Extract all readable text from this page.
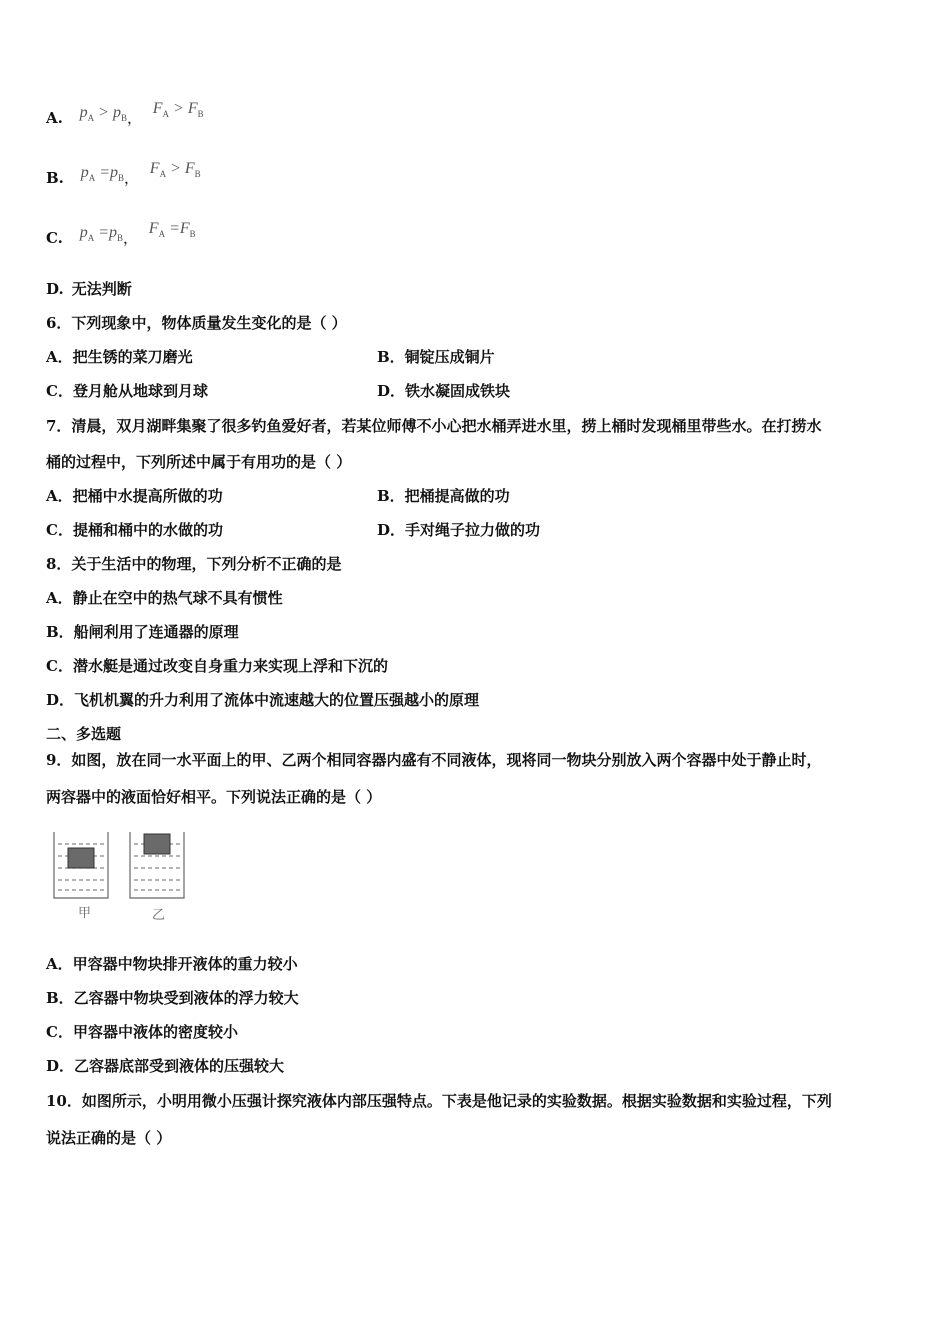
A. $p_A > p_B$， $F_A > F_B$
B. $p_A =p_B$， $F_A > F_B$
C. $p_A =p_B$， $F_A =F_B$
D. 无法判断
6．下列现象中，物体质量发生变化的是（ ）
A．把生锈的菜刀磨光	B．铜锭压成铜片
C．登月舱从地球到月球	D．铁水凝固成铁块
7．清晨，双月湖畔集聚了很多钓鱼爱好者，若某位师傅不小心把水桶弄进水里，捞上桶时发现桶里带些水。在打捞水
桶的过程中，下列所述中属于有用功的是（ ）
A．把桶中水提高所做的功	B．把桶提高做的功
C．提桶和桶中的水做的功	D．手对绳子拉力做的功
8．关于生活中的物理，下列分析不正确的是
A．静止在空中的热气球不具有惯性
B．船闸利用了连通器的原理
C．潜水艇是通过改变自身重力来实现上浮和下沉的
D．飞机机翼的升力利用了流体中流速越大的位置压强越小的原理
二、多选题
9．如图，放在同一水平面上的甲、乙两个相同容器内盛有不同液体，现将同一物块分别放入两个容器中处于静止时，
两容器中的液面恰好相平。下列说法正确的是（ ）
甲	乙
A．甲容器中物块排开液体的重力较小
B．乙容器中物块受到液体的浮力较大
C．甲容器中液体的密度较小
D．乙容器底部受到液体的压强较大
10．如图所示，小明用微小压强计探究液体内部压强特点。下表是他记录的实验数据。根据实验数据和实验过程，下列
说法正确的是（ ）
